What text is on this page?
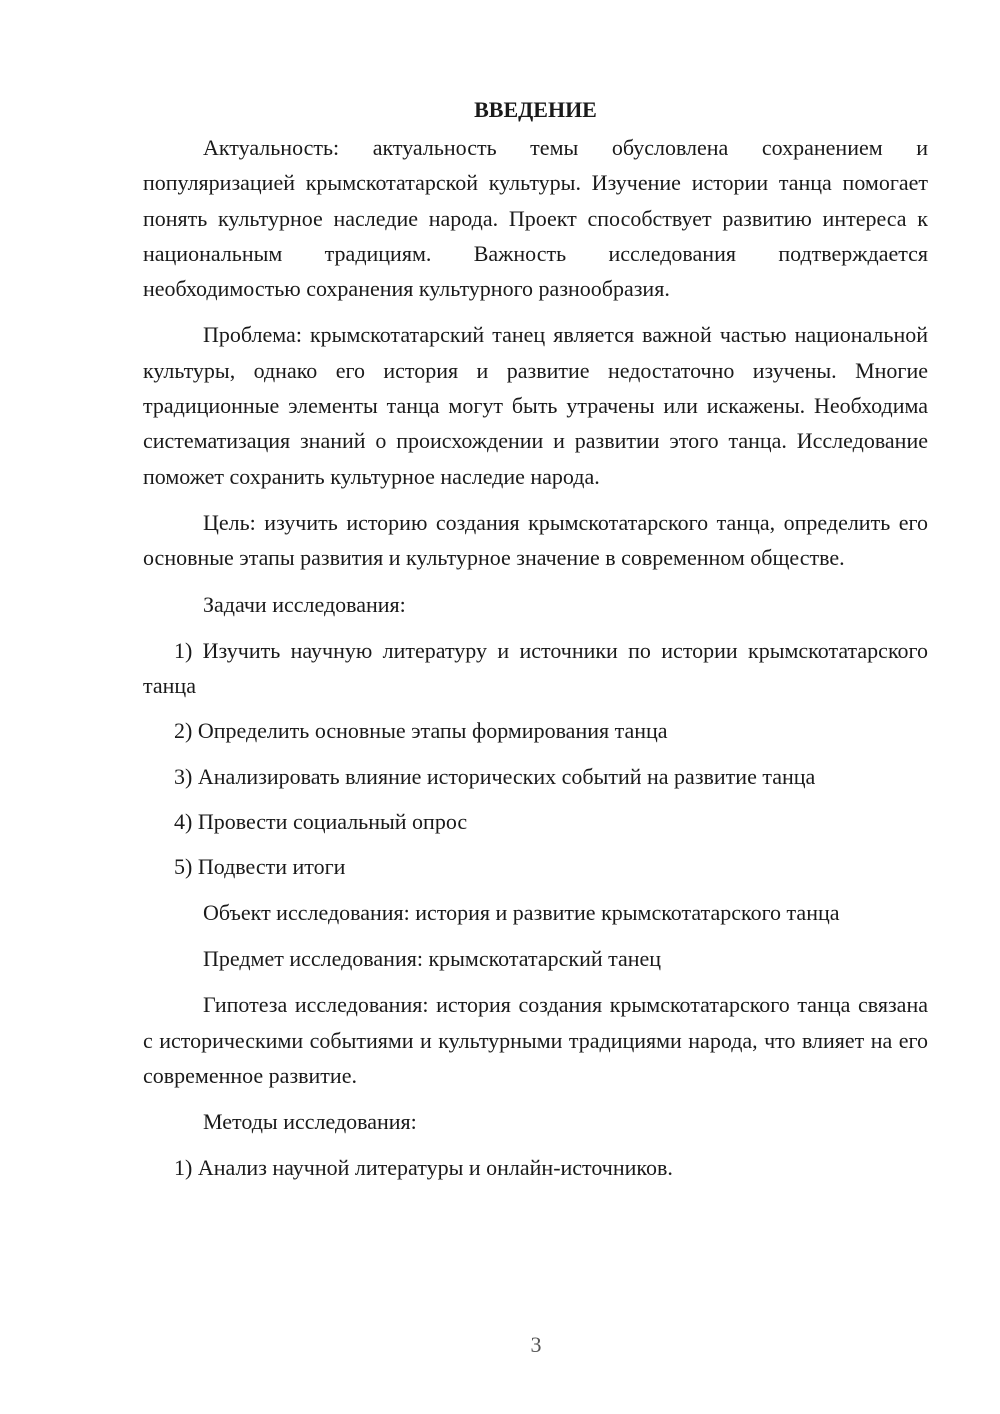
ВВЕДЕНИЕ

Актуальность: актуальность темы обусловлена сохранением и популяризацией крымскотатарской культуры. Изучение истории танца помогает понять культурное наследие народа. Проект способствует развитию интереса к национальным традициям. Важность исследования подтверждается необходимостью сохранения культурного разнообразия.

Проблема: крымскотатарский танец является важной частью национальной культуры, однако его история и развитие недостаточно изучены. Многие традиционные элементы танца могут быть утрачены или искажены. Необходима систематизация знаний о происхождении и развитии этого танца. Исследование поможет сохранить культурное наследие народа.

Цель: изучить историю создания крымскотатарского танца, определить его основные этапы развития и культурное значение в современном обществе.

Задачи исследования:

1) Изучить научную литературу и источники по истории крымскотатарского танца

2) Определить основные этапы формирования танца

3) Анализировать влияние исторических событий на развитие танца

4) Провести социальный опрос

5) Подвести итоги

Объект исследования: история и развитие крымскотатарского танца

Предмет исследования: крымскотатарский танец

Гипотеза исследования: история создания крымскотатарского танца связана с историческими событиями и культурными традициями народа, что влияет на его современное развитие.

Методы исследования:

1) Анализ научной литературы и онлайн-источников.

3
